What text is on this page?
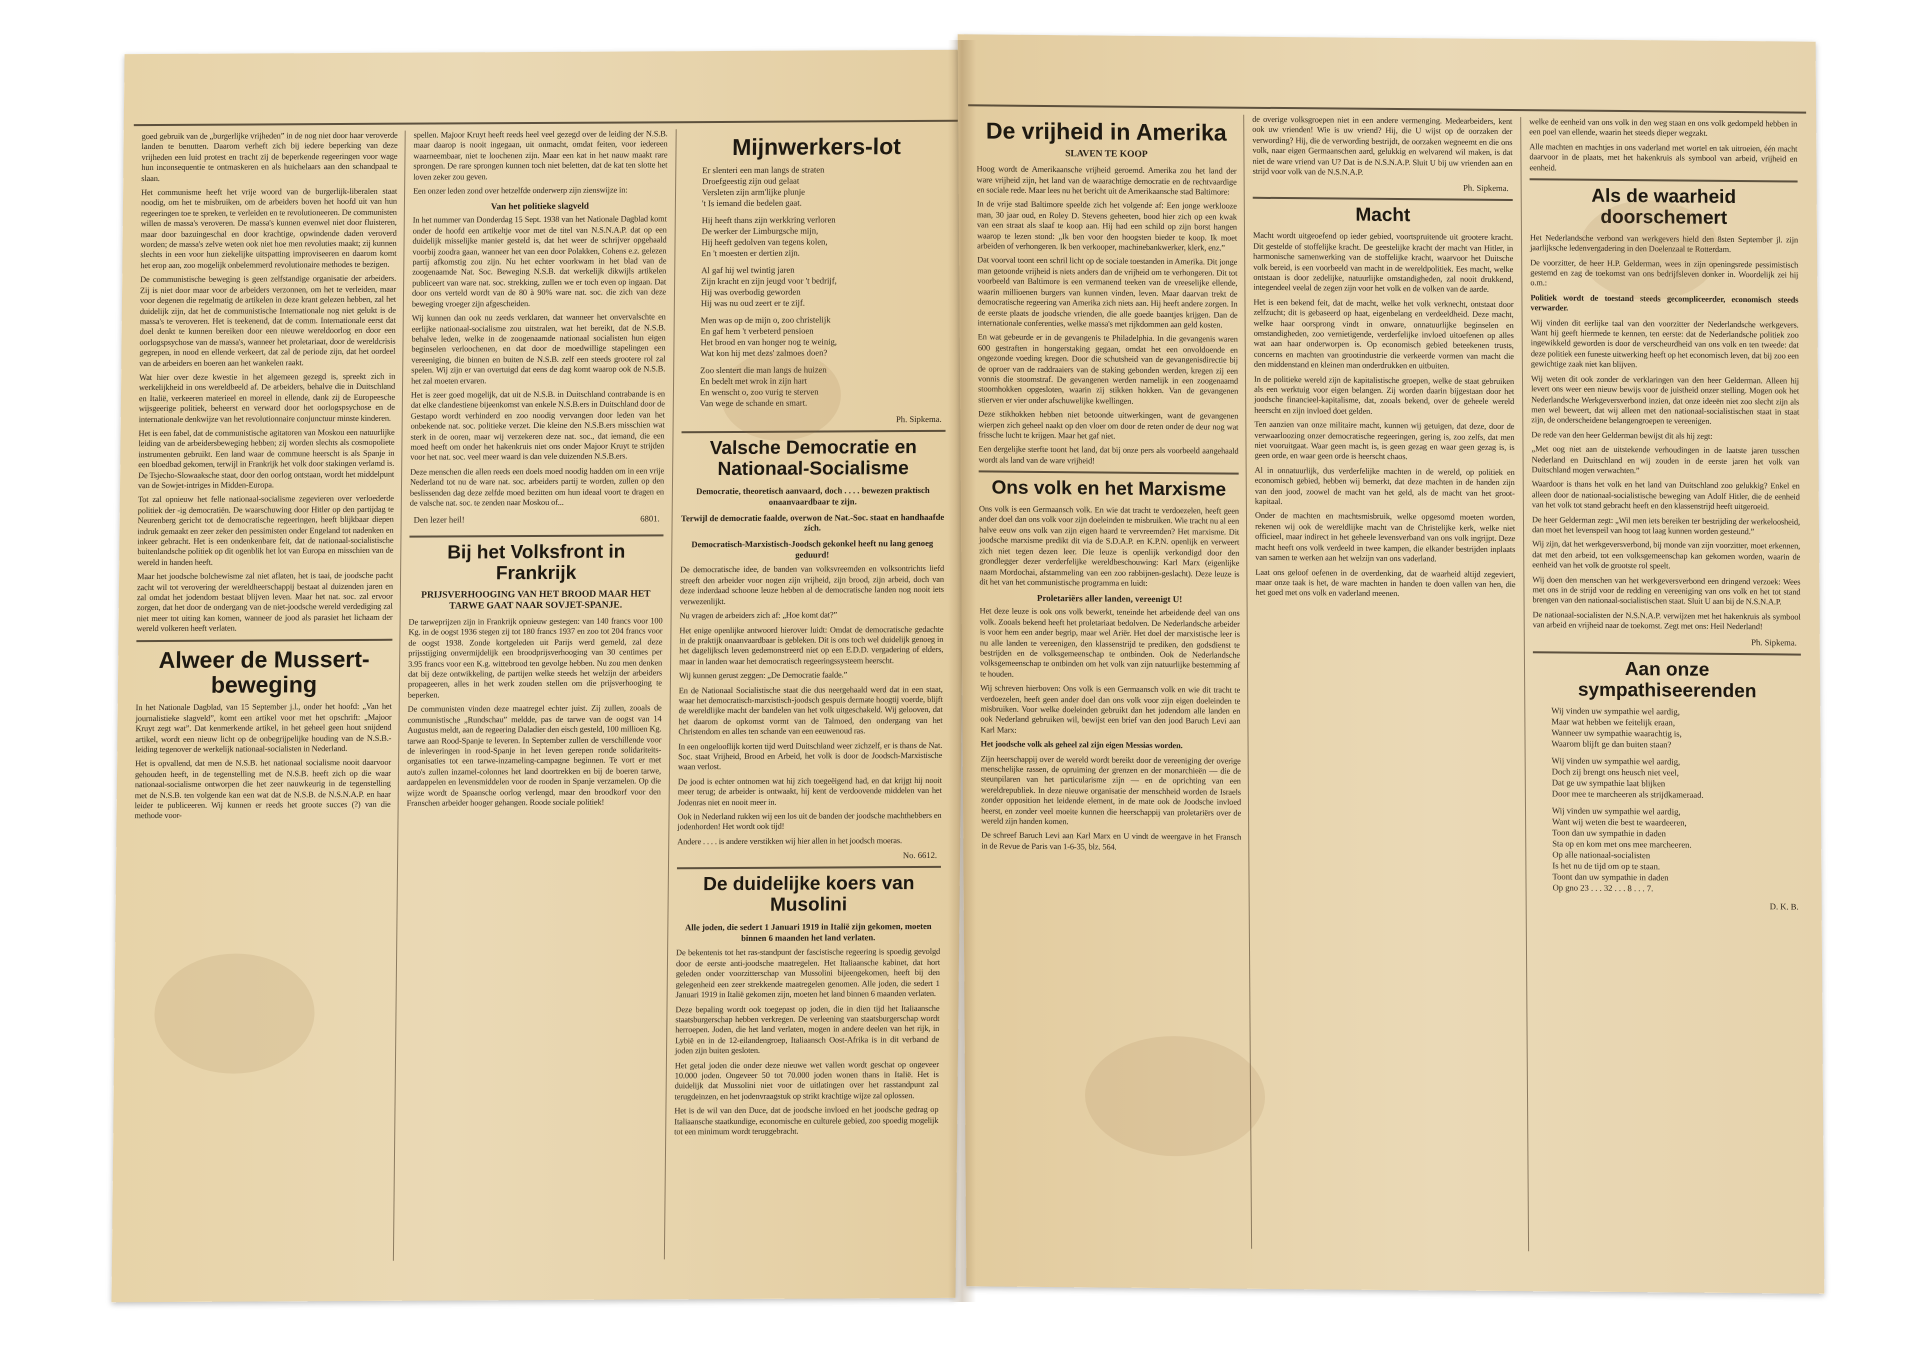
goed gebruik van de „burgerlijke vrijheden” in de nog niet door haar veroverde landen te benutten. Daarom verheft zich bij iedere beperking van deze vrijheden een luid protest en tracht zij de beperkende regeeringen voor wage hun inconsequentie te ontmaskeren en als huichelaars aan den schandpaal te slaan.

Het communisme heeft het vrije woord van de burgerlijk-liberalen staat noodig, om het te misbruiken, om de arbeiders boven het hoofd uit van hun regeeringen toe te spreken, te verleiden en te revolutioneeren. De communisten willen de massa's veroveren. De massa's kunnen evenwel niet door fluisteren, maar door bazuingeschal en door krachtige, opwindende daden veroverd worden; de massa's zelve weten ook niet hoe men revoluties maakt; zij kunnen slechts in een voor hun ziekelijke uitspatting improviseeren en daarom komt het erop aan, zoo mogelijk onbelemmerd revolutionaire methodes te bezigen.

De communistische beweging is geen zelfstandige organisatie der arbeiders. Zij is niet door maar voor de arbeiders verzonnen, om het te verleiden, maar voor degenen die regelmatig de artikelen in deze krant gelezen hebben, zal het duidelijk zijn, dat het de communistische Internationale nog niet gelukt is de massa's te veroveren. Het is teekenend, dat de comm. Internationale eerst dat doel denkt te kunnen bereiken door een nieuwe wereldoorlog en door een oorlogspsychose van de massa's, wanneer het proletariaat, door de wereldcrisis gegrepen, in nood en ellende verkeert, dat zal de periode zijn, dat het oordeel van de arbeiders en boeren aan het wankelen raakt.

Wat hier over deze kwestie in het algemeen gezegd is, spreekt zich in werkelijkheid in ons wereldbeeld af. De arbeiders, behalve die in Duitschland en Italië, verkeeren materieel en moreel in ellende, dank zij de Europeesche wijsgeerige politiek, beheerst en verward door het oorlogspsychose en de internationale denkwijze van het revolutionnaire conjunctuur minste kinderen.

Het is een fabel, dat de communistische agitatoren van Moskou een natuurlijke leiding van de arbeidersbeweging hebben; zij worden slechts als cosmopoliete instrumenten gebruikt. Een land waar de commune heerscht is als Spanje in een bloedbad gekomen, terwijl in Frankrijk het volk door stakingen verlamd is. De Tsjecho-Slowaaksche staat, door den oorlog ontstaan, wordt het middelpunt van de Sowjet-intriges in Midden-Europa.

Tot zal opnieuw het felle nationaal-socialisme zegevieren over verloederde politiek der -ig democratiën. De waarschuwing door Hitler op den partijdag te Neurenberg gericht tot de democratische regeeringen, heeft blijkbaar diepen indruk gemaakt en zeer zeker den pessimisten onder Engeland tot nadenken en inkeer gebracht. Het is een ondenkenbare feit, dat de nationaal-socialistische buitenlandsche politiek op dit ogenblik het lot van Europa en misschien van de wereld in handen heeft.

Maar het joodsche bolchewisme zal niet aflaten, het is taai, de joodsche pacht zacht wil tot verovering der wereldheerschappij bestaat al duizenden jaren en zal omdat het jodendom bestaat blijven leven. Maar het nat. soc. zal ervoor zorgen, dat het door de ondergang van de niet-joodsche wereld verdediging zal niet meer tot uiting kan komen, wanneer de jood als parasiet het lichaam der wereld volkeren heeft verlaten.

Alweer de Mussert-beweging

In het Nationale Dagblad, van 15 September j.l., onder het hoofd: „Van het journalistieke slagveld”, komt een artikel voor met het opschrift: „Majoor Kruyt zegt wat”. Dat kenmerkende artikel, in het geheel geen hout snijdend artikel, wordt een nieuw licht op de onbegrijpelijke houding van de N.S.B.-leiding tegenover de werkelijk nationaal-socialisten in Nederland.

Het is opvallend, dat men de N.S.B. het nationaal socialisme nooit daarvoor gehouden heeft, in de tegenstelling met de N.S.B. heeft zich op die waar nationaal-socialisme ontworpen die het zeer nauwkeurig in de tegenstelling met de N.S.B. ten volgende kan een wat dat de N.S.B. de N.S.N.A.P. en haar leider te publiceeren. Wij kunnen er reeds het groote succes (?) van die methode voor-

spellen. Majoor Kruyt heeft reeds heel veel gezegd over de leiding der N.S.B. maar daarop is nooit ingegaan, uit onmacht, omdat feiten, voor iedereen waarneembaar, niet te loochenen zijn. Maar een kat in het nauw maakt rare sprongen. De rare sprongen kunnen toch niet beletten, dat de kat ten slotte het loven zeker zou geven.

Een onzer leden zond over hetzelfde onderwerp zijn zienswijze in:

Van het politieke slagveld

In het nummer van Donderdag 15 Sept. 1938 van het Nationale Dagblad komt onder de hoofd een artikeltje voor met de titel van N.S.N.A.P. dat op een duidelijk misselijke manier gesteld is, dat het weer de schrijver opgehaald voorbij zoodra gaan, wanneer het van een door Polakken, Cohens e.z. gelezen partij afkomstig zou zijn. Nu het echter voorkwam in het blad van de zoogenaamde Nat. Soc. Beweging N.S.B. dat werkelijk dikwijls artikelen publiceert van ware nat. soc. strekking, zullen we er toch even op ingaan. Dat door ons verteld wordt van de 80 à 90% ware nat. soc. die zich van deze beweging vroeger zijn afgescheiden.

Wij kunnen dan ook nu zeeds verklaren, dat wanneer het onvervalschte en eerlijke nationaal-socialisme zou uitstralen, wat het bereikt, dat de N.S.B. behalve leden, welke in de zoogenaamde nationaal socialisten hun eigen beginselen verloochenen, en dat door de moedwillige stapelingen een vereeniging, die binnen en buiten de N.S.B. zelf een steeds grootere rol zal spelen. Wij zijn er van overtuigd dat eens de dag komt waarop ook de N.S.B. het zal moeten ervaren.

Het is zeer goed mogelijk, dat uit de N.S.B. in Duitschland contrabande is en dat elke clandestiene bijeenkomst van enkele N.S.B.ers in Duitschland door de Gestapo wordt verhinderd en zoo noodig vervangen door leden van het onbekende nat. soc. politieke verzet. Die kleine den N.S.B.ers misschien wat sterk in de ooren, maar wij verzekeren deze nat. soc., dat iemand, die een moed heeft om onder het hakenkruis niet ons onder Majoor Kruyt te strijden voor het nat. soc. veel meer waard is dan vele duizenden N.S.B.ers.

Deze menschen die allen reeds een doels moed noodig hadden om in een vrije Nederland tot nu de ware nat. soc. arbeiders partij te worden, zullen op den beslissenden dag deze zelfde moed bezitten om hun ideaal voort te dragen en de valsche nat. soc. te zenden naar Moskou of...

Den lezer heil!	6801.
Bij het Volksfront in Frankrijk
PRIJSVERHOOGING VAN HET BROOD MAAR HET TARWE GAAT NAAR SOVJET-SPANJE.

De tarweprijzen zijn in Frankrijk opnieuw gestegen: van 140 francs voor 100 Kg. in de oogst 1936 stegen zij tot 180 francs 1937 en zoo tot 204 francs voor de oogst 1938. Zonde kortgeleden uit Parijs werd gemeld, zal deze prijsstijging onvermijdelijk een broodprijsverhooging van 30 centimes per 3.95 francs voor een K.g. wittebrood ten gevolge hebben. Nu zou men denken dat bij deze ontwikkeling, de partijen welke steeds het welzijn der arbeiders propageeren, alles in het werk zouden stellen om die prijsverhooging te beperken.

De communisten vinden deze maatregel echter juist. Zij zullen, zooals de communistische „Rundschau” meldde, pas de tarwe van de oogst van 14 Augustus meldt, aan de regeering Daladier den eisch gesteld, 100 millioen Kg. tarwe aan Rood-Spanje te leveren. In September zullen de verschillende voor de inleveringen in rood-Spanje in het leven gerepen ronde solidariteits-organisaties tot een tarwe-inzameling-campagne beginnen. Te vort er met auto's zullen inzamel-colonnes het land doortrekken en bij de boeren tarwe, aardappelen en levensmiddelen voor de rooden in Spanje verzamelen. Op die wijze wordt de Spaansche oorlog verlengd, maar den broodkorf voor den Franschen arbeider hooger gehangen. Roode sociale politiek!

Mijnwerkers-lot
Er slenteri een man langs de straten
Droefgeestig zijn oud gelaat
Versleten zijn arm'lijke plunje
't Is iemand die bedelen gaat.
Hij heeft thans zijn werkkring verloren
De werker der Limburgsche mijn,
Hij heeft gedolven van tegens kolen,
En 't moesten er dertien zijn.
Al gaf hij wel twintig jaren
Zijn kracht en zijn jeugd voor 't bedrijf,
Hij was overbodig geworden
Hij was nu oud zeert er te zijf.
Men was op de mijn o, zoo christelijk
En gaf hem 't verbeterd pensioen
Het brood en van honger nog te weinig,
Wat kon hij met dezs' zalmoes doen?
Zoo slentert die man langs de huizen
En bedelt met wrok in zijn hart
En wenscht o, zoo vurig te sterven
Van wege de schande en smart.
Ph. Sipkema.
Valsche Democratie en Nationaal-Socialisme
Democratie, theoretisch aanvaard, doch . . . . bewezen praktisch onaanvaardbaar te zijn.
Terwijl de democratie faalde, overwon de Nat.-Soc. staat en handhaafde zich.
Democratisch-Marxistisch-Joodsch gekonkel heeft nu lang genoeg geduurd!

De democratische idee, de banden van volksvreemden en volksontrichts liefd streeft den arbeider voor nogen zijn vrijheid, zijn brood, zijn arbeid, doch van deze inderdaad schoone leuze hebben al de democratische landen nog nooit iets verwezenlijkt.

Nu vragen de arbeiders zich af: „Hoe komt dat?”

Het enige openlijke antwoord hierover luidt: Omdat de democratische gedachte in de praktijk onaanvaardbaar is gebleken. Dit is ons toch wel duidelijk genoeg in het dagelijksch leven gedemonstreerd niet op een E.D.D. vergadering of elders, maar in landen waar het democratisch regeeringssysteem heerscht.

Wij kunnen gerust zeggen: „De Democratie faalde.”

En de Nationaal Socialistische staat die dus neergehaald werd dat in een staat, waar het democratisch-marxistisch-joodsch gespuis dermate hoogtij voerde, blijft de wereldlijke macht der bandelen van het volk uitgeschakeld. Wij gelooven, dat het daarom de opkomst vormt van de Talmoed, den ondergang van het Christendom en alles ten schande van een eeuwenoud ras.

In een ongelooflijk korten tijd werd Duitschland weer zichzelf, er is thans de Nat. Soc. staat Vrijheid, Brood en Arbeid, het volk is door de Joodsch-Marxistische waan verlost.

De jood is echter ontnomen wat hij zich toegeëigend had, en dat krijgt hij nooit meer terug; de arbeider is ontwaakt, hij kent de verdoovende middelen van het Jodenras niet en nooit meer in.

Ook in Nederland rukken wij een los uit de banden der joodsche machthebbers en jodenhorden! Het wordt ook tijd!

Andere . . . . is andere verstikken wij hier allen in het joodsch moeras.

No. 6612.
De duidelijke koers van Musolini
Alle joden, die sedert 1 Januari 1919 in Italië zijn gekomen, moeten binnen 6 maanden het land verlaten.

De bekentenis tot het ras-standpunt der fascistische regeering is spoedig gevolgd door de eerste anti-joodsche maatregelen. Het Italiaansche kabinet, dat hort geleden onder voorzitterschap van Mussolini bijeengekomen, heeft bij den gelegenheid een zeer strekkende maatregelen genomen. Alle joden, die sedert 1 Januari 1919 in Italië gekomen zijn, moeten het land binnen 6 maanden verlaten.

Deze bepaling wordt ook toegepast op joden, die in dien tijd het Italiaansche staatsburgerschap hebben verkregen. De verleening van staatsburgerschap wordt herroepen. Joden, die het land verlaten, mogen in andere deelen van het rijk, in Lybië en in de 12-eilandengroep, Italiaansch Oost-Afrika is in dit verband de joden zijn buiten gesloten.

Het getal joden die onder deze nieuwe wet vallen wordt geschat op ongeveer 10.000 joden. Ongeveer 50 tot 70.000 joden wonen thans in Italië. Het is duidelijk dat Mussolini niet voor de uitlatingen over het rasstandpunt zal terugdeinzen, en het jodenvraagstuk op strikt krachtige wijze zal oplossen.

Het is de wil van den Duce, dat de joodsche invloed en het joodsche gedrag op Italiaansche staatkundige, economische en culturele gebied, zoo spoedig mogelijk tot een minimum wordt teruggebracht.

De vrijheid in Amerika
SLAVEN TE KOOP

Hoog wordt de Amerikaansche vrijheid geroemd. Amerika zou het land der ware vrijheid zijn, het land van de waarachtige democratie en de rechtvaardige en sociale rede. Maar lees nu het bericht uit de Amerikaansche stad Baltimore:

In de vrije stad Baltimore speelde zich het volgende af: Een jonge werklooze man, 30 jaar oud, en Roley D. Stevens geheeten, bood hier zich op een kwak van een straat als slaaf te koop aan. Hij had een schild op zijn borst hangen waarop te lezen stond: „Ik ben voor den hoogsten bieder te koop. Ik moet arbeiden of verhongeren. Ik ben verkooper, machinebankwerker, klerk, enz.”

Dat voorval toont een schril licht op de sociale toestanden in Amerika. Dit jonge man getoonde vrijheid is niets anders dan de vrijheid om te verhongeren. Dit tot voorbeeld van Baltimore is een vermanend teeken van de vreeselijke ellende, waarin millioenen burgers van kunnen vinden, leven. Maar daarvan trekt de democratische regeering van Amerika zich niets aan. Hij heeft andere zorgen. In de eerste plaats de joodsche vrienden, die alle goede baantjes krijgen. Dan de internationale conferenties, welke massa's met rijkdommen aan geld kosten.

En wat gebeurde er in de gevangenis te Philadelphia. In die gevangenis waren 600 gestraften in hongerstaking gegaan, omdat het een onvoldoende en ongezonde voeding kregen. Door die schutsheid van de gevangenisdirectie bij de oproer van de raddraaiers van de staking gebonden werden, kregen zij een vonnis die stoomstraf. De gevangenen werden namelijk in een zoogenaamd stoomhokken opgesloten, waarin zij stikken hokken. Van de gevangenen stierven er vier onder afschuwelijke kwellingen.

Deze stikhokken hebben niet betoonde uitwerkingen, want de gevangenen wierpen zich geheel naakt op den vloer om door de reten onder de deur nog wat frissche lucht te krijgen. Maar het gaf niet.

Een dergelijke sterfte toont het land, dat bij onze pers als voorbeeld aangehaald wordt als land van de ware vrijheid!

Ons volk en het Marxisme

Ons volk is een Germaansch volk. En wie dat tracht te verdoezelen, heeft geen ander doel dan ons volk voor zijn doeleinden te misbruiken. Wie tracht nu al een halve eeuw ons volk van zijn eigen haard te vervreemden? Het marxisme. Dit joodsche marxisme predikt dit via de S.D.A.P. en K.P.N. openlijk en verweert zich niet tegen dezen leer. Die leuze is openlijk verkondigd door den grondlegger dezer verderfelijke wereldbeschouwing: Karl Marx (eigenlijke naam Mordochai, afstammeling van een zoo rabbijnen-geslacht). Deze leuze is dit het van het communistische programma en luidt:

Proletariërs aller landen, vereenigt U!

Het deze leuze is ook ons volk bewerkt, teneinde het arbeidende deel van ons volk. Zooals bekend heeft het proletariaat bedolven. De Nederlandsche arbeider is voor hem een ander begrip, maar wel Ariër. Het doel der marxistische leer is nu alle landen te vereenigen, den klassenstrijd te prediken, den godsdienst te bestrijden en de volksgemeenschap te ontbinden. Ook de Nederlandsche volksgemeenschap te ontbinden om het volk van zijn natuurlijke bestemming af te houden.

Wij schreven hierboven: Ons volk is een Germaansch volk en wie dit tracht te verdoezelen, heeft geen ander doel dan ons volk voor zijn eigen doeleinden te misbruiken. Voor welke doeleinden gebruikt dan het jodendom alle landen en ook Nederland gebruiken wil, bewijst een brief van den jood Baruch Levi aan Karl Marx:

Het joodsche volk als geheel zal zijn eigen Messias worden.

Zijn heerschappij over de wereld wordt bereikt door de vereeniging der overige menschelijke rassen, de opruiming der grenzen en der monarchieën — die de steunpilaren van het particularisme zijn — en de oprichting van een wereldrepubliek. In deze nieuwe organisatie der menschheid worden de Israels zonder opposition het leidende element, in de mate ook de Joodsche invloed heerst, en zonder veel moeite kunnen die heerschappij van proletariërs over de wereld zijn handen komen.

De schreef Baruch Levi aan Karl Marx en U vindt de weergave in het Fransch in de Revue de Paris van 1-6-35, blz. 564.

de overige volksgroepen niet in een andere vermenging. Medearbeiders, kent ook uw vrienden! Wie is uw vriend? Hij, die U wijst op de oorzaken der verwording? Hij, die de verwording bestrijdt, de oorzaken wegneemt en die ons volk, naar eigen Germaanschen aard, gelukkig en welvarend wil maken, is dat niet de ware vriend van U? Dat is de N.S.N.A.P. Sluit U bij uw vrienden aan en strijd voor volk van de N.S.N.A.P.

Ph. Sipkema.
Macht

Macht wordt uitgeoefend op ieder gebied, voortspruitende uit grootere kracht. Dit gestelde of stoffelijke kracht. De geestelijke kracht der macht van Hitler, in harmonische samenwerking van de stoffelijke kracht, waarvoor het Duitsche volk bereid, is een voorbeeld van macht in de wereldpolitiek. Ees macht, welke ontstaan is door zedelijke, natuurlijke omstandigheden, zal nooit drukkend, integendeel veelal de zegen zijn voor het volk en de volken van de aarde.

Het is een bekend feit, dat de macht, welke het volk verknecht, ontstaat door zelfzucht; dit is gebaseerd op haat, eigenbelang en verdeeldheid. Deze macht, welke haar oorsprong vindt in onware, onnatuurlijke beginselen en omstandigheden, zoo vernietigende, verderfelijke invloed uitoefenen op alles wat aan haar onderworpen is. Op economisch gebied beteekenen trusts, concerns en machten van grootindustrie die verkeerde vormen van macht die den middenstand en kleinen man onderdrukken en uitbuiten.

In de politieke wereld zijn de kapitalistische groepen, welke de staat gebruiken als een werktuig voor eigen belangen. Zij worden daarin bijgestaan door het joodsche financieel-kapitalisme, dat, zooals bekend, over de geheele wereld heerscht en zijn invloed doet gelden.

Ten aanzien van onze militaire macht, kunnen wij getuigen, dat deze, door de verwaarloozing onzer democratische regeeringen, gering is, zoo zelfs, dat men niet vooruitgaat. Waar geen macht is, is geen gezag en waar geen gezag is, is geen orde, en waar geen orde is heerscht chaos.

Al in onnatuurlijk, dus verderfelijke machten in de wereld, op politiek en economisch gebied, hebben wij bemerkt, dat deze machten in de handen zijn van den jood, zoowel de macht van het geld, als de macht van het groot-kapitaal.

Onder de machten en machtsmisbruik, welke opgesomd moeten worden, rekenen wij ook de wereldlijke macht van de Christelijke kerk, welke niet officieel, maar indirect in het geheele levensverband van ons volk ingrijpt. Deze macht heeft ons volk verdeeld in twee kampen, die elkander bestrijden inplaats van samen te werken aan het welzijn van ons vaderland.

Laat ons geloof oefenen in de overdenking, dat de waarheid altijd zegeviert, maar onze taak is het, de ware machten in handen te doen vallen van hen, die het goed met ons volk en vaderland meenen.

welke de eenheid van ons volk in den weg staan en ons volk gedompeld hebben in een poel van ellende, waarin het steeds dieper wegzakt.

Alle machten en machtjes in ons vaderland met wortel en tak uitroeien, één macht daarvoor in de plaats, met het hakenkruis als symbool van arbeid, vrijheid en eenheid.

Als de waarheid doorschemert

Het Nederlandsche verbond van werkgevers hield den 8sten September jl. zijn jaarlijksche ledenvergadering in den Doelenzaal te Rotterdam.

De voorzitter, de heer H.P. Gelderman, wees in zijn openingsrede pessimistisch gestemd en zag de toekomst van ons bedrijfsleven donker in. Woordelijk zei hij o.m.:

Politiek wordt de toestand steeds gecompliceerder, economisch steeds verwarder.

Wij vinden dit eerlijke taal van den voorzitter der Nederlandsche werkgevers. Want hij geeft hiermede te kennen, ten eerste: dat de Nederlandsche politiek zoo ingewikkeld geworden is door de verscheurdheid van ons volk en ten tweede: dat deze politiek een funeste uitwerking heeft op het economisch leven, dat bij zoo een gewichtige zaak niet kan blijven.

Wij weten dit ook zonder de verklaringen van den heer Gelderman. Alleen hij levert ons weer een nieuw bewijs voor de juistheid onzer stelling. Mogen ook het Nederlandsche Werkgeversverbond inzien, dat onze ideeën niet zoo slecht zijn als men wel beweert, dat wij alleen met den nationaal-socialistischen staat in staat zijn, de onderscheidene belangengroepen te vereenigen.

De rede van den heer Gelderman bewijst dit als hij zegt:

„Met oog niet aan de uitstekende verhoudingen in de laatste jaren tusschen Nederland en Duitschland en wij zouden in de eerste jaren het volk van Duitschland mogen verwachten.”

Waardoor is thans het volk en het land van Duitschland zoo gelukkig? Enkel en alleen door de nationaal-socialistische beweging van Adolf Hitler, die de eenheid van het volk tot stand gebracht heeft en den klassenstrijd heeft uitgeroeid.

De heer Gelderman zegt: „Wil men iets bereiken ter bestrijding der werkeloosheid, dan moet het levenspeil van hoog tot laag kunnen worden gesteund.”

Wij zijn, dat het werkgeversverbond, bij monde van zijn voorzitter, moet erkennen, dat met den arbeid, tot een volksgemeenschap kan gekomen worden, waarin de eenheid van het volk de grootste rol speelt.

Wij doen den menschen van het werkgeversverbond een dringend verzoek: Wees met ons in de strijd voor de redding en vereeniging van ons volk en het tot stand brengen van den nationaal-socialistischen staat. Sluit U aan bij de N.S.N.A.P.

De nationaal-socialisten der N.S.N.A.P. verwijzen met het hakenkruis als symbool van arbeid en vrijheid naar de toekomst. Zegt met ons: Heil Nederland!

Ph. Sipkema.
Aan onze sympathiseerenden
Wij vinden uw sympathie wel aardig,
Maar wat hebben we feitelijk eraan,
Wanneer uw sympathie waarachtig is,
Waarom blijft ge dan buiten staan?
Wij vinden uw sympathie wel aardig,
Doch zij brengt ons heusch niet veel,
Dat ge uw sympathie laat blijken
Door mee te marcheeren als strijdkameraad.
Wij vinden uw sympathie wel aardig,
Want wij weten die best te waardeeren,
Toon dan uw sympathie in daden
Sta op en kom met ons mee marcheeren.
Op alle nationaal-socialisten
Is het nu de tijd om op te staan.
Toont dan uw sympathie in daden
Op gno 23 . . . 32 . . . 8 . . . 7.
D. K. B.
